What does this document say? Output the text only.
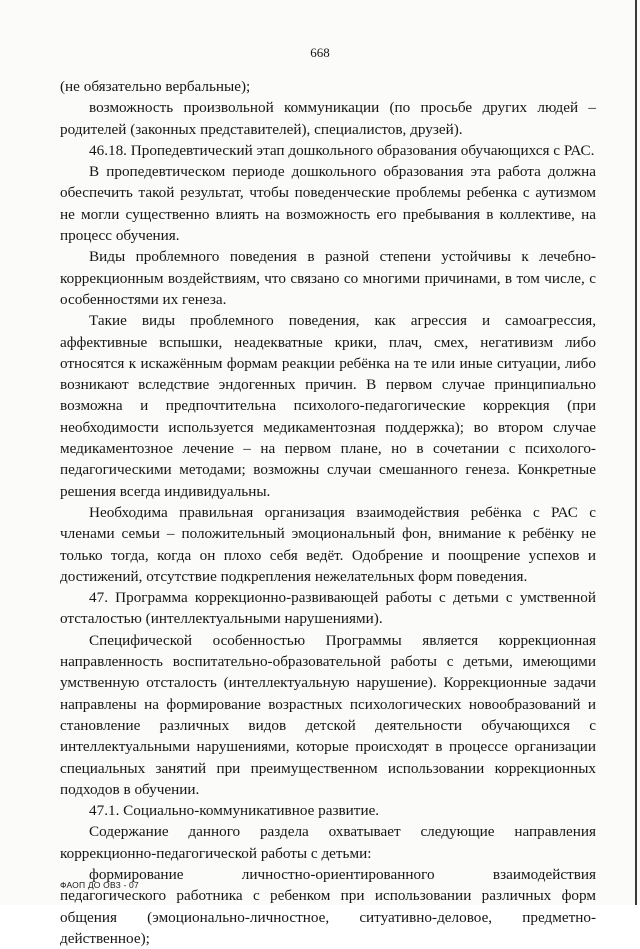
668

(не обязательно вербальные);

возможность произвольной коммуникации (по просьбе других людей – родителей (законных представителей), специалистов, друзей).

46.18. Пропедевтический этап дошкольного образования обучающихся с РАС.

В пропедевтическом периоде дошкольного образования эта работа должна обеспечить такой результат, чтобы поведенческие проблемы ребенка с аутизмом не могли существенно влиять на возможность его пребывания в коллективе, на процесс обучения.

Виды проблемного поведения в разной степени устойчивы к лечебно-коррекционным воздействиям, что связано со многими причинами, в том числе, с особенностями их генеза.

Такие виды проблемного поведения, как агрессия и самоагрессия, аффективные вспышки, неадекватные крики, плач, смех, негативизм либо относятся к искажённым формам реакции ребёнка на те или иные ситуации, либо возникают вследствие эндогенных причин. В первом случае принципиально возможна и предпочтительна психолого-педагогические коррекция (при необходимости используется медикаментозная поддержка); во втором случае медикаментозное лечение – на первом плане, но в сочетании с психолого-педагогическими методами; возможны случаи смешанного генеза. Конкретные решения всегда индивидуальны.

Необходима правильная организация взаимодействия ребёнка с РАС с членами семьи – положительный эмоциональный фон, внимание к ребёнку не только тогда, когда он плохо себя ведёт. Одобрение и поощрение успехов и достижений, отсутствие подкрепления нежелательных форм поведения.

47. Программа коррекционно-развивающей работы с детьми с умственной отсталостью (интеллектуальными нарушениями).

Специфической особенностью Программы является коррекционная направленность воспитательно-образовательной работы с детьми, имеющими умственную отсталость (интеллектуальную нарушение). Коррекционные задачи направлены на формирование возрастных психологических новообразований и становление различных видов детской деятельности обучающихся с интеллектуальными нарушениями, которые происходят в процессе организации специальных занятий при преимущественном использовании коррекционных подходов в обучении.

47.1. Социально-коммуникативное развитие.

Содержание данного раздела охватывает следующие направления коррекционно-педагогической работы с детьми:

формирование личностно-ориентированного взаимодействия педагогического работника с ребенком при использовании различных форм общения (эмоционально-личностное, ситуативно-деловое, предметно-действенное);

ФАОП ДО ОВЗ - 07
